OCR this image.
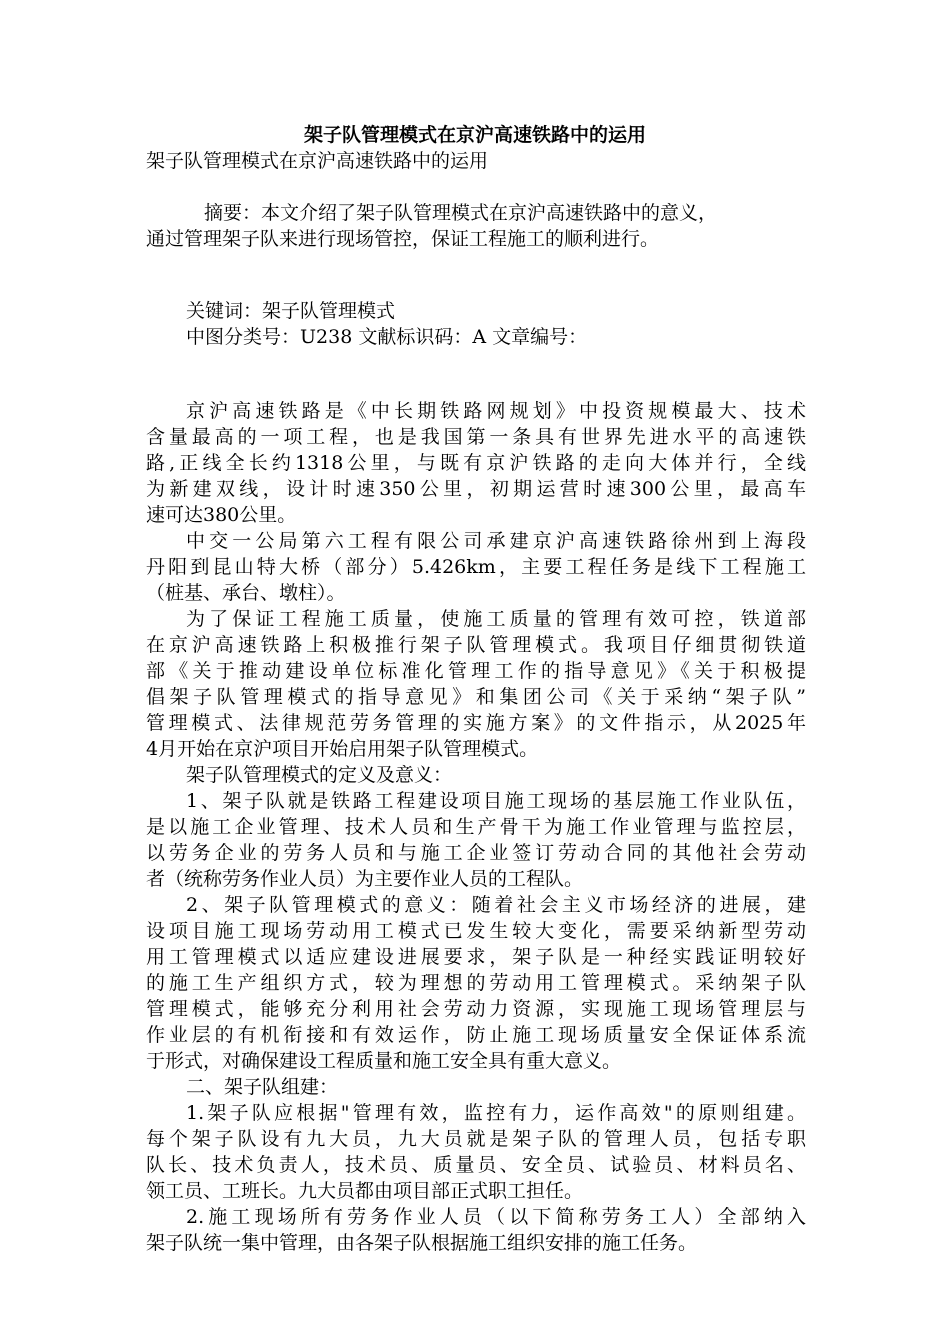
架子队管理模式在京沪高速铁路中的运用
架子队管理模式在京沪高速铁路中的运用
摘要：本文介绍了架子队管理模式在京沪高速铁路中的意义，
通过管理架子队来进行现场管控，保证工程施工的顺利进行。
关键词：架子队管理模式
中图分类号：U238 文献标识码：A 文章编号：
京沪高速铁路是《中长期铁路网规划》中投资规模最大、技术
含量最高的一项工程，也是我国第一条具有世界先进水平的高速铁
路,正线全长约1318公里，与既有京沪铁路的走向大体并行，全线
为新建双线，设计时速350公里，初期运营时速300公里，最高车
速可达380公里。
中交一公局第六工程有限公司承建京沪高速铁路徐州到上海段
丹阳到昆山特大桥（部分）5.426km，主要工程任务是线下工程施工
（桩基、承台、墩柱）。
为了保证工程施工质量，使施工质量的管理有效可控，铁道部
在京沪高速铁路上积极推行架子队管理模式。我项目仔细贯彻铁道
部《关于推动建设单位标准化管理工作的指导意见》《关于积极提
倡架子队管理模式的指导意见》和集团公司《关于采纳“架子队”
管理模式、法律规范劳务管理的实施方案》的文件指示，从2025年
4月开始在京沪项目开始启用架子队管理模式。
架子队管理模式的定义及意义：
1、架子队就是铁路工程建设项目施工现场的基层施工作业队伍，
是以施工企业管理、技术人员和生产骨干为施工作业管理与监控层，
以劳务企业的劳务人员和与施工企业签订劳动合同的其他社会劳动
者（统称劳务作业人员）为主要作业人员的工程队。
2、架子队管理模式的意义：随着社会主义市场经济的进展，建
设项目施工现场劳动用工模式已发生较大变化，需要采纳新型劳动
用工管理模式以适应建设进展要求，架子队是一种经实践证明较好
的施工生产组织方式，较为理想的劳动用工管理模式。采纳架子队
管理模式，能够充分利用社会劳动力资源，实现施工现场管理层与
作业层的有机衔接和有效运作，防止施工现场质量安全保证体系流
于形式，对确保建设工程质量和施工安全具有重大意义。
二、架子队组建：
1.架子队应根据"管理有效，监控有力，运作高效"的原则组建。
每个架子队设有九大员，九大员就是架子队的管理人员，包括专职
队长、技术负责人，技术员、质量员、安全员、试验员、材料员名、
领工员、工班长。九大员都由项目部正式职工担任。
2.施工现场所有劳务作业人员（以下简称劳务工人）全部纳入
架子队统一集中管理，由各架子队根据施工组织安排的施工任务。
